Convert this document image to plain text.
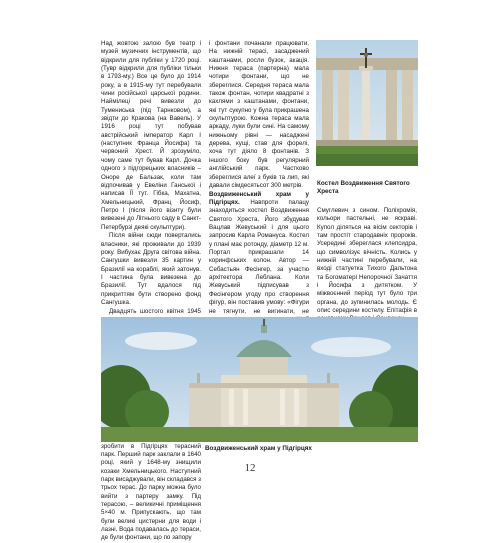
Над жовтою залою був театр і музей музичних інструментів, що відкрили для публіки у 1720 році. (Тувр відкрили для публіки тільки в 1793-му.) Все це було до 1914 року, а в 1915-му тут перебували чини російської царської родини. Наймілеці речі вивезли до Тумениська (під Тарнковом), а звідти до Кракова (на Вавель). У 1916 році тут побував австрійський імператор Карл І (наступник Франца Йосифа) та червоний Хрест. Й зрозуміло, чому саме тут бував Карл. Дочка одного з підгорецьких власників – Оноре де Бальзак, коли там відпочивав у Евеліни Ганської і написав ЇЇ тут. Гібка, Махатна, Хмельницький, Франц Йосиф, Петро І (після його візиту були вивезені до Літнього саду в Санкт-Петербурзі деякі скульптури).

Після війни сюди повертались власники, які проживали до 1939 року. Вибухає Друга світова війна. Сангушки вивезли 35 картин у Бразилії на кораблі, який затонув. І частина була вивезена до Бразилії. Тут вдалося під прикриттям бути створено фонд Сангушка.

Двадцять шостого квітня 1945

зробити в Підгірцях терасний парк. Перший парк заклали в 1640 році, який у 1648-му знищили козаки Хмельницького. Наступний парк висаджували, він складався з трьох терас. До парку можна було вийти з партеру замку. Під терасою, – великичні приміщення 5×40 м. Припускають, що там були великі цистерни для води і лазні. Вода подавалась до тераси, де були фонтани, що по запору

і фонтани почанали працювати. На нижній терасі, засаджений каштанами, росли бузок, акація. Нижня тераса (партерна) мала чотири фонтани, що не збереглися. Середня тераса мала також фонтан, чотири квадратні з кахлями з каштанами, фонтани, які тут сукупно у була прикрашена скульптурою. Кожна тераса мала аркаду, луки були сині. На самому нижньому рівні — насаджені дерева, кущі, став для форелі, хоча тут діяло 8 фонтанів. З іншого боку був регулярний англійський парк. Частково збереглися алеї з буків та лип, які давали сімдесятьсот 300 метрів.

Воздвиженський храм у Підгірцях. Навпроти палацу знаходиться костел Воздвиження Святого Хреста. Його збудував Вацлав Жевуський і для цього запросив Карла Романуса. Костел у плані має ротонду, діаметр 12 м. Портал прикрашали 14 коринфських колон. Автор — Себастьян Фесінгер, за участю архітектора Лебланa. Коли Жевуський підписував з Фесінгером угоду про створення фігур, він поставив умову: «Фігури не тягнути, не вигинати, не

Костел Воздвиження Святого Хреста

Смуглевич з сином. Поліхромія, кольори пастельні, не яскраві. Купол діляться на вісім секторів і там простіт стародавніх пророків. Усередині збереглася клепсидра, що символізує вічність. Колись у нижній частині перебували, на вході статуетка Тихого Дальтона та Богоматері Непорочної Зачаття і Йосифа з дитятком. У міжвоєнний період тут було три органа, до зупинилась молодь. Є опис середини костелу. Епітафія в

Воздвиженський храм у Підгірцях
12
